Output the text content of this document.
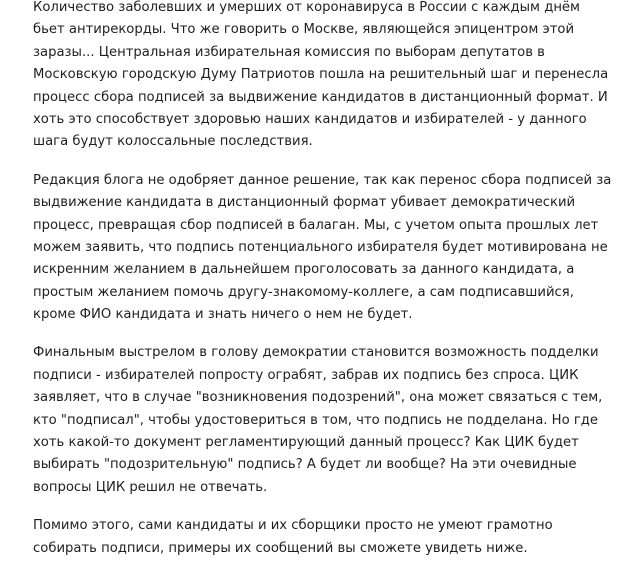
Количество заболевших и умерших от коронавируса в России с каждым днём
бьет антирекорды. Что же говорить о Москве, являющейся эпицентром этой
заразы... Центральная избирательная комиссия по выборам депутатов в
Московскую городскую Думу Патриотов пошла на решительный шаг и перенесла
процесс сбора подписей за выдвижение кандидатов в дистанционный формат. И
хоть это способствует здоровью наших кандидатов и избирателей - у данного
шага будут колоссальные последствия.

Редакция блога не одобряет данное решение, так как перенос сбора подписей за
выдвижение кандидата в дистанционный формат убивает демократический
процесс, превращая сбор подписей в балаган. Мы, с учетом опыта прошлых лет
можем заявить, что подпись потенциального избирателя будет мотивирована не
искренним желанием в дальнейшем проголосовать за данного кандидата, а
простым желанием помочь другу-знакомому-коллеге, а сам подписавшийся,
кроме ФИО кандидата и знать ничего о нем не будет.

Финальным выстрелом в голову демократии становится возможность подделки
подписи - избирателей попросту ограбят, забрав их подпись без спроса. ЦИК
заявляет, что в случае "возникновения подозрений", она может связаться с тем,
кто "подписал", чтобы удостовериться в том, что подпись не подделана. Но где
хоть какой-то документ регламентирующий данный процесс? Как ЦИК будет
выбирать "подозрительную" подпись? А будет ли вообще? На эти очевидные
вопросы ЦИК решил не отвечать.

Помимо этого, сами кандидаты и их сборщики просто не умеют грамотно
собирать подписи, примеры их сообщений вы сможете увидеть ниже.
